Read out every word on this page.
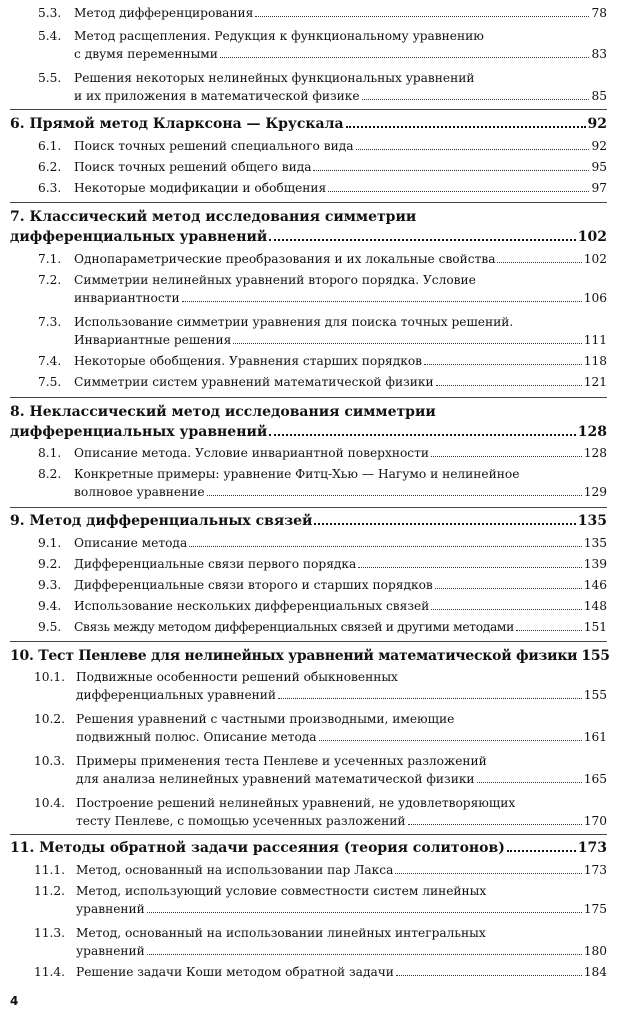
5.3.	Метод дифференцирования	78
5.4. Метод расщепления. Редукция к функциональному уравнению
с двумя переменными	83
5.5. Решения некоторых нелинейных функциональных уравнений
и их приложения в математической физике	85
6. Прямой метод Кларксона — Крускала	92
6.1.	Поиск точных решений специального вида	92
6.2.	Поиск точных решений общего вида	95
6.3.	Некоторые модификации и обобщения	97
7. Классический метод исследования симметрии
дифференциальных уравнений	102
7.1.	Однопараметрические преобразования и их локальные свойства	102
7.2. Симметрии нелинейных уравнений второго порядка. Условие
инвариантности	106
7.3. Использование симметрии уравнения для поиска точных решений.
Инвариантные решения	111
7.4.	Некоторые обобщения. Уравнения старших порядков	118
7.5.	Симметрии систем уравнений математической физики	121
8. Неклассический метод исследования симметрии
дифференциальных уравнений	128
8.1.	Описание метода. Условие инвариантной поверхности	128
8.2. Конкретные примеры: уравнение Фитц-Хью — Нагумо и нелинейное
волновое уравнение	129
9. Метод дифференциальных связей	135
9.1.	Описание метода	135
9.2.	Дифференциальные связи первого порядка	139
9.3.	Дифференциальные связи второго и старших порядков	146
9.4.	Использование нескольких дифференциальных связей	148
9.5.	Связь между методом дифференциальных связей и другими методами	151
10. Тест Пенлеве для нелинейных уравнений математической физики 155
10.1. Подвижные особенности решений обыкновенных
дифференциальных уравнений	155
10.2. Решения уравнений с частными производными, имеющие
подвижный полюс. Описание метода	161
10.3. Примеры применения теста Пенлеве и усеченных разложений
для анализа нелинейных уравнений математической физики	165
10.4. Построение решений нелинейных уравнений, не удовлетворяющих
тесту Пенлеве, с помощью усеченных разложений	170
11. Методы обратной задачи рассеяния (теория солитонов)	173
11.1. Метод, основанный на использовании пар Лакса	173
11.2. Метод, использующий условие совместности систем линейных
уравнений	175
11.3. Метод, основанный на использовании линейных интегральных
уравнений	180
11.4. Решение задачи Коши методом обратной задачи	184
4
